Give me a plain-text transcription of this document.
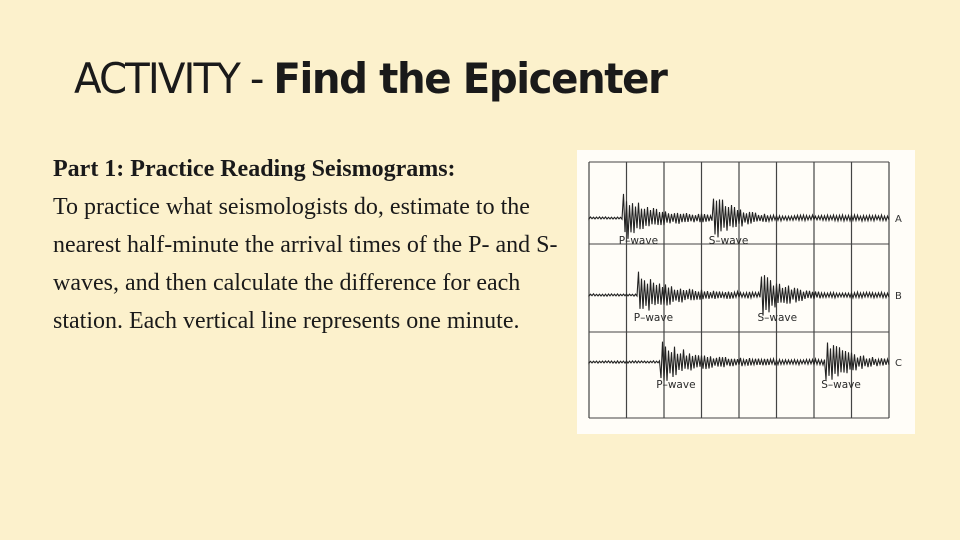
ACTIVITY - Find the Epicenter
Part 1: Practice Reading Seismograms:
To practice what seismologists do, estimate to the nearest half-minute the arrival times of the P- and S-waves, and then calculate the difference for each station. Each vertical line represents one minute.
P–wave	S–wave
A
P–wave	S–wave
B
P–wave	S–wave
C
